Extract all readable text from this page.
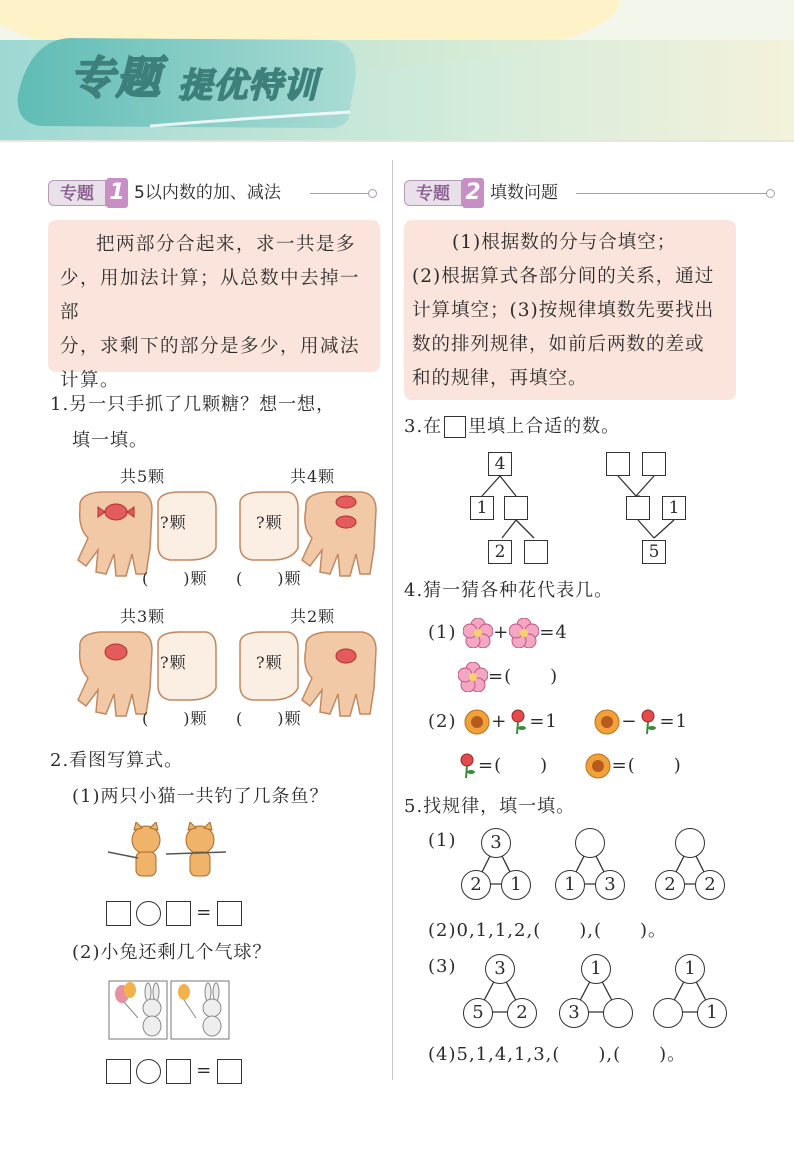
专题 提优特训
专题 1 5以内数的加、减法

把两部分合起来，求一共是多

少，用加法计算；从总数中去掉一部

分，求剩下的部分是多少，用减法

计算。

1.另一只手抓了几颗糖？想一想，
填一填。
共5颗	共4颗
共3颗	共2颗
?颗	?颗
(　　)颗 (　　)颗
?颗	?颗
(　　)颗 (　　)颗
2.看图写算式。
(1)两只小猫一共钓了几条鱼？
=
(2)小兔还剩几个气球？
=
专题 2 填数问题

(1)根据数的分与合填空；

(2)根据算式各部分间的关系，通过

计算填空；(3)按规律填数先要找出

数的排列规律，如前后两数的差或

和的规律，再填空。

3.在 里填上合适的数。
4
1
2
1
5
4.猜一猜各种花代表几。
(1) + =4
=(　　)
(2) + =1	− =1
=(　　)	=(　　)
5.找规律，填一填。
(1)	3
2	1	1	3	2	2
(2)0,1,1,2,(　　),(　　)。
(3)	3
5	2
1
3
1
1
(4)5,1,4,1,3,(　　),(　　)。
